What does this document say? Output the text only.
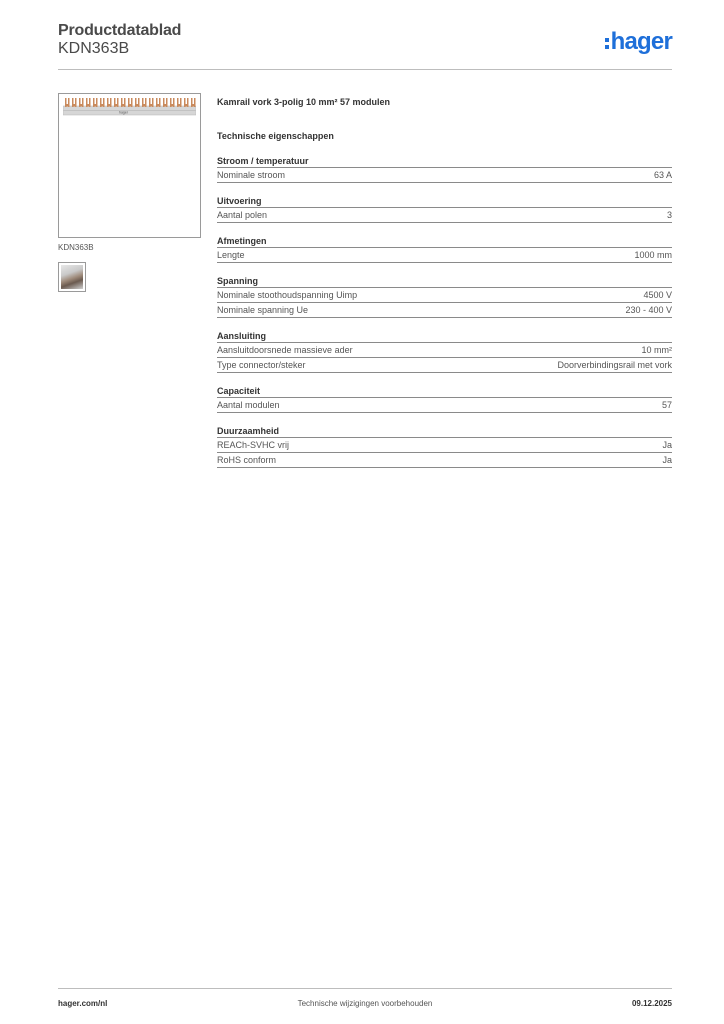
Productdatablad
KDN363B	hager
hager
KDN363B
Kamrail vork 3-polig 10 mm² 57 modulen
Technische eigenschappen
Stroom / temperatuur
Nominale stroom	63 A
Uitvoering
Aantal polen	3
Afmetingen
Lengte	1000 mm
Spanning
Nominale stoothoudspanning Uimp	4500 V
Nominale spanning Ue	230 - 400 V
Aansluiting
Aansluitdoorsnede massieve ader	10 mm²
Type connector/steker	Doorverbindingsrail met vork
Capaciteit
Aantal modulen	57
Duurzaamheid
REACh-SVHC vrij	Ja
RoHS conform	Ja
hager.com/nl	Technische wijzigingen voorbehouden	09.12.2025
